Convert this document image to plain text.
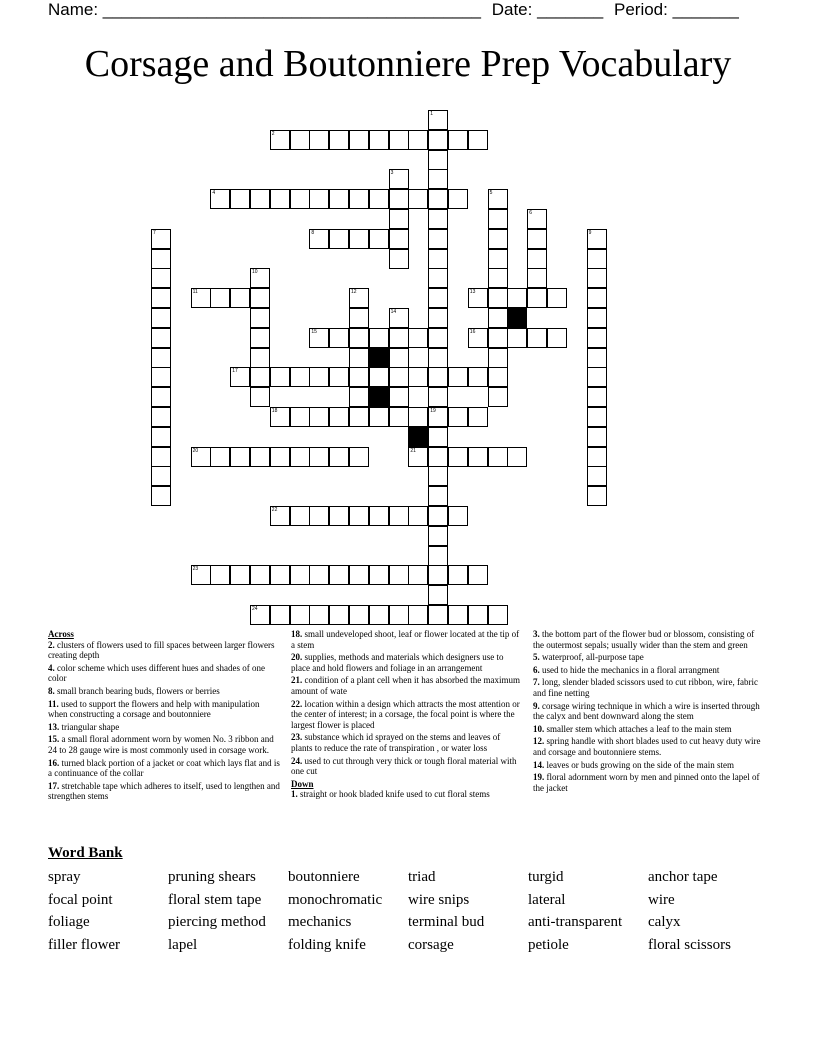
Name: ________________________________________ Date: _______ Period: _______
Corsage and Boutonniere Prep Vocabulary
1
2
3
4	5
6
7	8	9
10
11	12	13
14
15	16
17
18	19
20	21
22
23
24
Across
2. clusters of flowers used to fill spaces between larger flowers creating depth
4. color scheme which uses different hues and shades of one color
8. small branch bearing buds, flowers or berries
11. used to support the flowers and help with manipulation when constructing a corsage and boutonniere
13. triangular shape
15. a small floral adornment worn by women No. 3 ribbon and 24 to 28 gauge wire is most commonly used in corsage work.
16. turned black portion of a jacket or coat which lays flat and is a continuance of the collar
17. stretchable tape which adheres to itself, used to lengthen and strengthen stems
18. small undeveloped shoot, leaf or flower located at the tip of a stem
20. supplies, methods and materials which designers use to place and hold flowers and foliage in an arrangement
21. condition of a plant cell when it has absorbed the maximum amount of wate
22. location within a design which attracts the most attention or the center of interest; in a corsage, the focal point is where the largest flower is placed
23. substance which id sprayed on the stems and leaves of plants to reduce the rate of transpiration , or water loss
24. used to cut through very thick or tough floral material with one cut
Down
1. straight or hook bladed knife used to cut floral stems
3. the bottom part of the flower bud or blossom, consisting of the outermost sepals; usually wider than the stem and green
5. waterproof, all-purpose tape
6. used to hide the mechanics in a floral arrangment
7. long, slender bladed scissors used to cut ribbon, wire, fabric and fine netting
9. corsage wiring technique in which a wire is inserted through the calyx and bent downward along the stem
10. smaller stem which attaches a leaf to the main stem
12. spring handle with short blades used to cut heavy duty wire and corsage and boutonniere stems.
14. leaves or buds growing on the side of the main stem
19. floral adornment worn by men and pinned onto the lapel of the jacket
Word Bank
spray	pruning shears	boutonniere	triad	turgid	anchor tape
focal point	floral stem tape	monochromatic	wire snips	lateral	wire
foliage	piercing method	mechanics	terminal bud	anti-transparent	calyx
filler flower	lapel	folding knife	corsage	petiole	floral scissors
